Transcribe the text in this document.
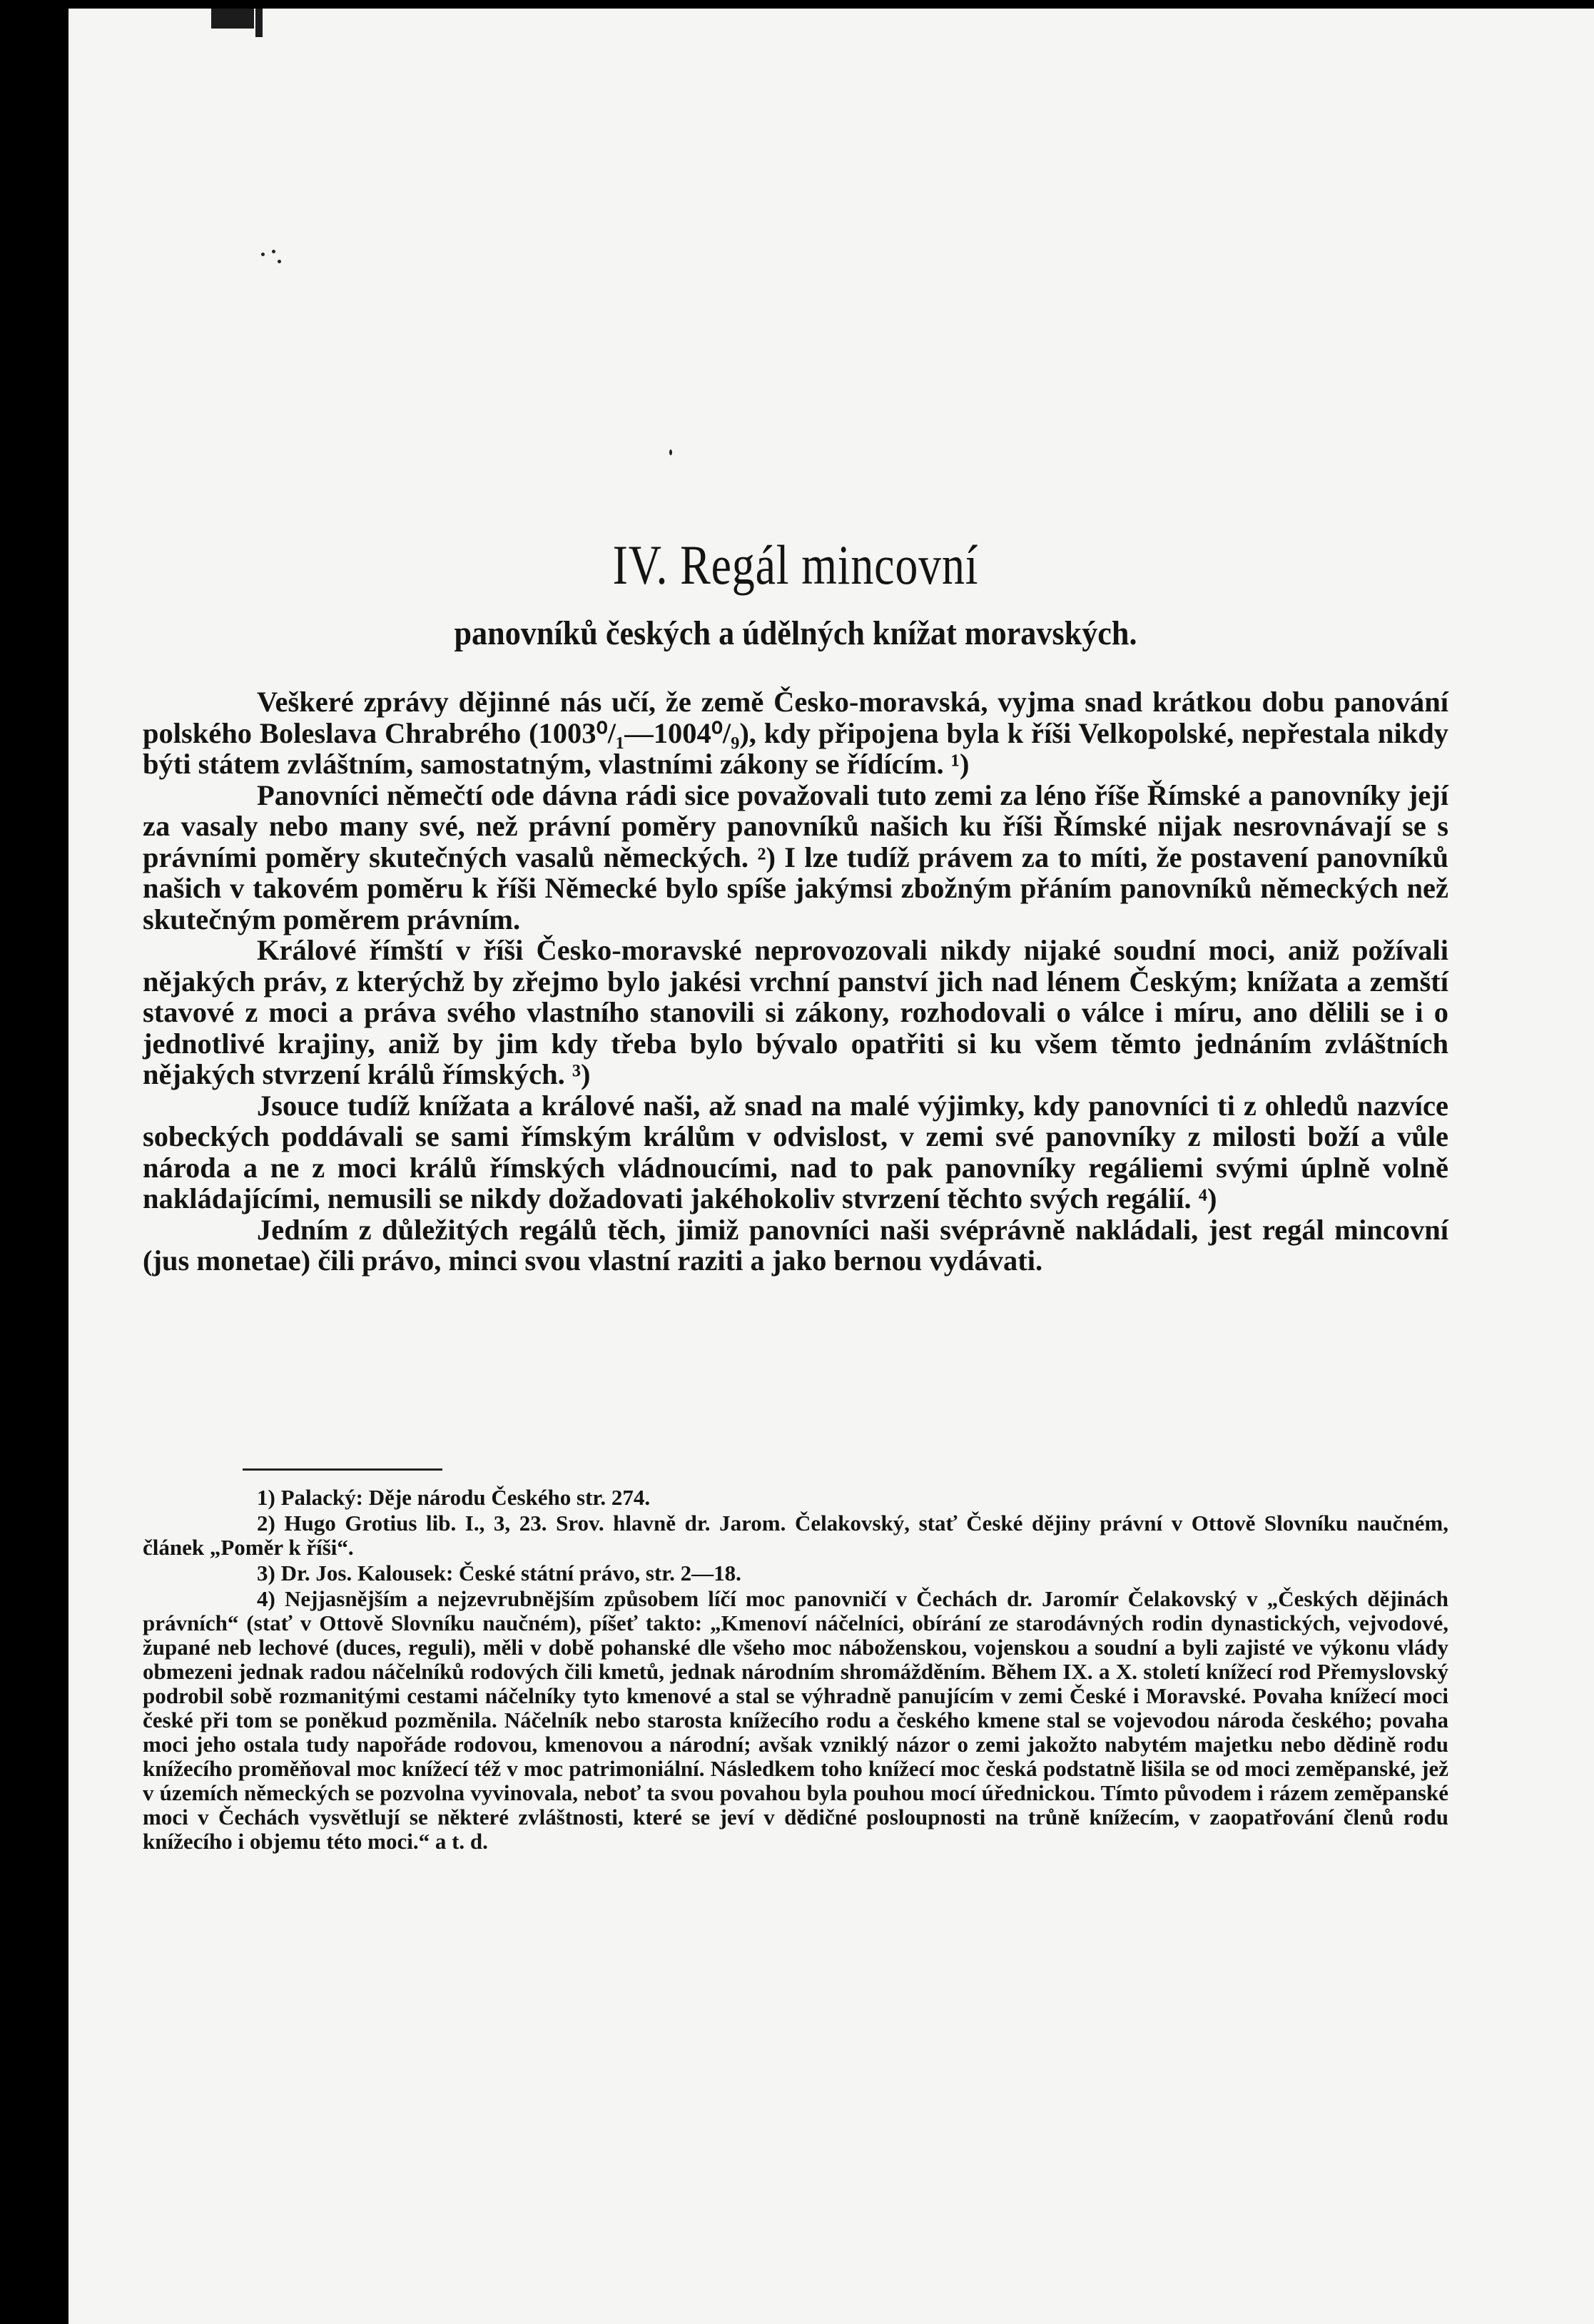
IV. Regál mincovní
panovníků českých a údělných knížat moravských.

Veškeré zprávy dějinné nás učí, že země Česko-moravská, vyjma snad krátkou dobu panování polského Boleslava Chrabrého (1003⁰/₁—1004⁰/₉), kdy připojena byla k říši Velkopolské, nepřestala nikdy býti státem zvláštním, samostatným, vlastními zákony se řídícím. ¹)

Panovníci němečtí ode dávna rádi sice považovali tuto zemi za léno říše Římské a panovníky její za vasaly nebo many své, než právní poměry panovníků našich ku říši Římské nijak nesrovnávají se s právními poměry skutečných vasalů německých. ²) I lze tudíž právem za to míti, že postavení panovníků našich v takovém poměru k říši Německé bylo spíše jakýmsi zbožným přáním panovníků německých než skutečným poměrem právním.

Králové římští v říši Česko-moravské neprovozovali nikdy nijaké soudní moci, aniž požívali nějakých práv, z kterýchž by zřejmo bylo jakési vrchní panství jich nad lénem Českým; knížata a zemští stavové z moci a práva svého vlastního stanovili si zákony, rozhodovali o válce i míru, ano dělili se i o jednotlivé krajiny, aniž by jim kdy třeba bylo bývalo opatřiti si ku všem těmto jednáním zvláštních nějakých stvrzení králů římských. ³)

Jsouce tudíž knížata a králové naši, až snad na malé výjimky, kdy panovníci ti z ohledů nazvíce sobeckých poddávali se sami římským králům v odvislost, v zemi své panovníky z milosti boží a vůle národa a ne z moci králů římských vládnoucími, nad to pak panovníky regáliemi svými úplně volně nakládajícími, nemusili se nikdy dožadovati jakéhokoliv stvrzení těchto svých regálií. ⁴)

Jedním z důležitých regálů těch, jimiž panovníci naši svéprávně nakládali, jest regál mincovní (jus monetae) čili právo, minci svou vlastní raziti a jako bernou vydávati.

1) Palacký: Děje národu Českého str. 274.

2) Hugo Grotius lib. I., 3, 23. Srov. hlavně dr. Jarom. Čelakovský, stať České dějiny právní v Ottově Slovníku naučném, článek „Poměr k říši“.

3) Dr. Jos. Kalousek: České státní právo, str. 2—18.

4) Nejjasnějším a nejzevrubnějším způsobem líčí moc panovničí v Čechách dr. Jaromír Čelakovský v „Českých dějinách právních“ (stať v Ottově Slovníku naučném), píšeť takto: „Kmenoví náčelníci, obírání ze starodávných rodin dynastických, vejvodové, župané neb lechové (duces, reguli), měli v době pohanské dle všeho moc náboženskou, vojenskou a soudní a byli zajisté ve výkonu vlády obmezeni jednak radou náčelníků rodových čili kmetů, jednak národním shromážděním. Během IX. a X. století knížecí rod Přemyslovský podrobil sobě rozmanitými cestami náčelníky tyto kmenové a stal se výhradně panujícím v zemi České i Moravské. Povaha knížecí moci české při tom se poněkud pozměnila. Náčelník nebo starosta knížecího rodu a českého kmene stal se vojevodou národa českého; povaha moci jeho ostala tudy napořáde rodovou, kmenovou a národní; avšak vzniklý názor o zemi jakožto nabytém majetku nebo dědině rodu knížecího proměňoval moc knížecí též v moc patrimoniální. Následkem toho knížecí moc česká podstatně lišila se od moci zeměpanské, jež v územích německých se pozvolna vyvinovala, neboť ta svou povahou byla pouhou mocí úřednickou. Tímto původem i rázem zeměpanské moci v Čechách vysvětlují se některé zvláštnosti, které se jeví v dědičné posloupnosti na trůně knížecím, v zaopatřování členů rodu knížecího i objemu této moci.“ a t. d.
